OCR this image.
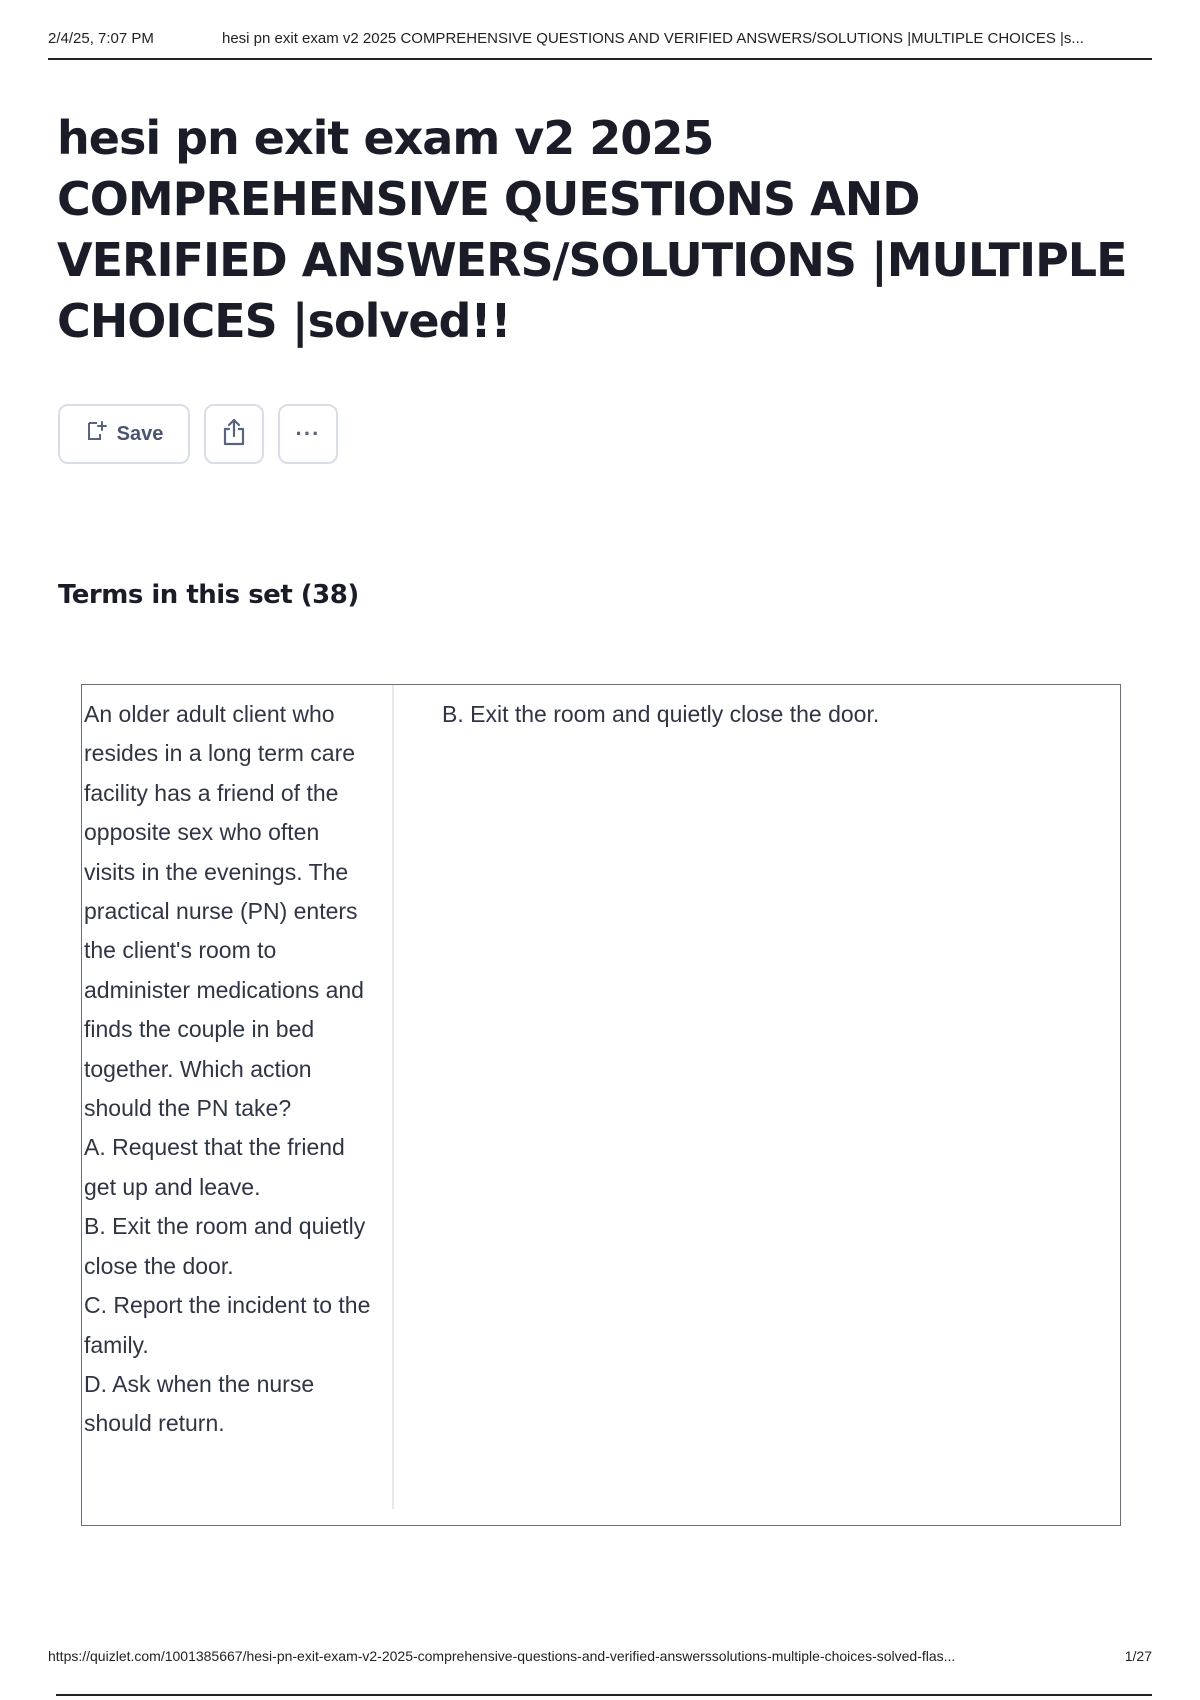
2/4/25, 7:07 PM	hesi pn exit exam v2 2025 COMPREHENSIVE QUESTIONS AND VERIFIED ANSWERS/SOLUTIONS |MULTIPLE CHOICES |s...
hesi pn exit exam v2 2025 COMPREHENSIVE QUESTIONS AND VERIFIED ANSWERS/SOLUTIONS |MULTIPLE CHOICES |solved!!
Save	···
Terms in this set (38)

An older adult client who resides in a long term care facility has a friend of the opposite sex who often visits in the evenings. The practical nurse (PN) enters the client's room to administer medications and finds the couple in bed together. Which action should the PN take?
A. Request that the friend get up and leave.
B. Exit the room and quietly close the door.
C. Report the incident to the family.
D. Ask when the nurse should return.

B. Exit the room and quietly close the door.

https://quizlet.com/1001385667/hesi-pn-exit-exam-v2-2025-comprehensive-questions-and-verified-answerssolutions-multiple-choices-solved-flas...	1/27
